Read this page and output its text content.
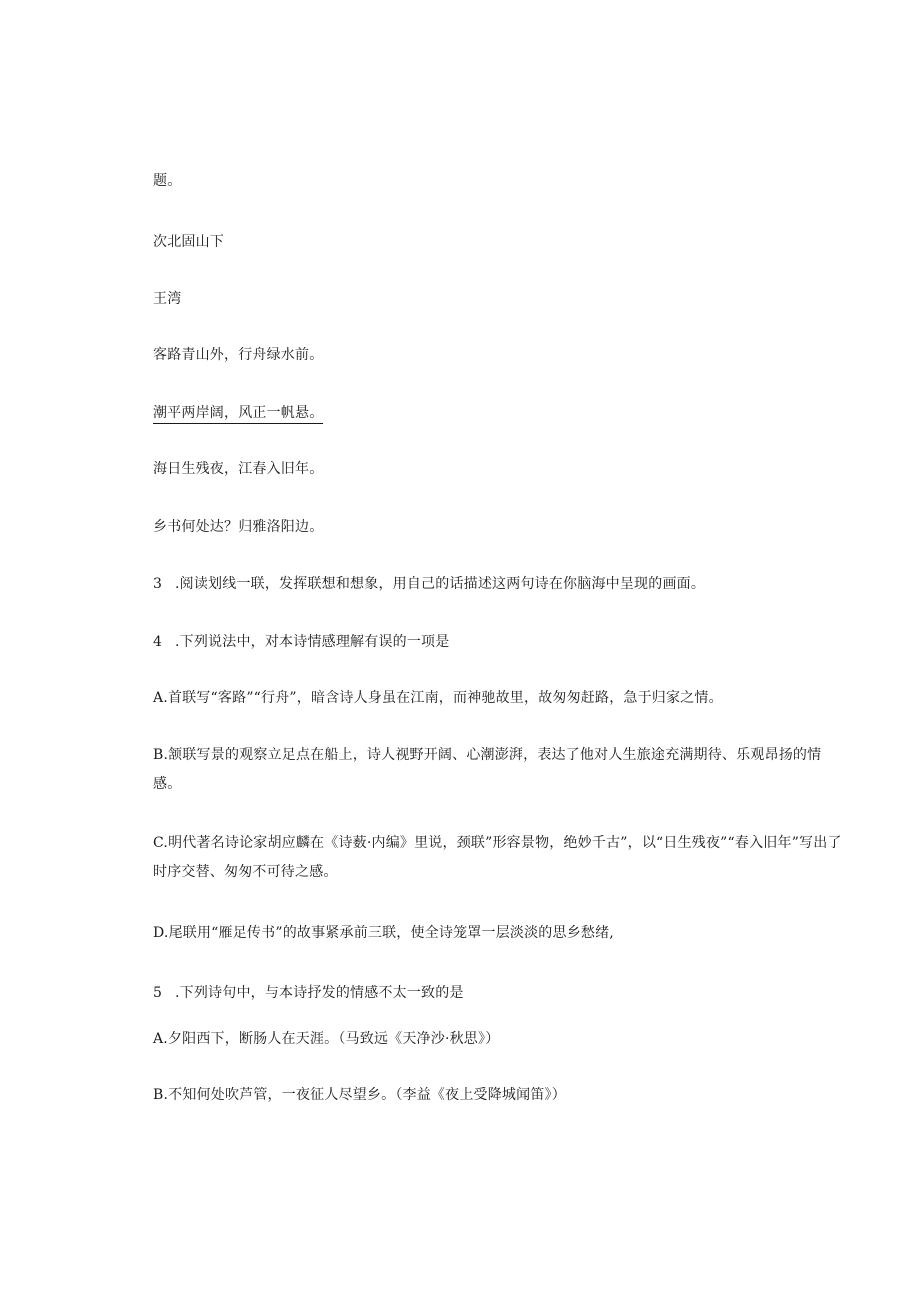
题。
次北固山下
王湾
客路青山外，行舟绿水前。
潮平两岸阔，风正一帆悬。
海日生残夜，江春入旧年。
乡书何处达？归雅洛阳边。
3 .阅读划线一联，发挥联想和想象，用自己的话描述这两句诗在你脑海中呈现的画面。
4 .下列说法中，对本诗情感理解有误的一项是
A.首联写“客路”“行舟”，暗含诗人身虽在江南，而神驰故里，故匆匆赶路，急于归家之情。
B.颔联写景的观察立足点在船上，诗人视野开阔、心潮澎湃，表达了他对人生旅途充满期待、乐观昂扬的情感。
C.明代著名诗论家胡应麟在《诗薮·内编》里说，颈联”形容景物，绝妙千古”，以“日生残夜”“春入旧年”写出了时序交替、匆匆不可待之感。
D.尾联用“雁足传书”的故事紧承前三联，使全诗笼罩一层淡淡的思乡愁绪,
5 .下列诗句中，与本诗抒发的情感不太一致的是
A.夕阳西下，断肠人在天涯。（马致远《天净沙·秋思》）
B.不知何处吹芦管，一夜征人尽望乡。（李益《夜上受降城闻笛》）
